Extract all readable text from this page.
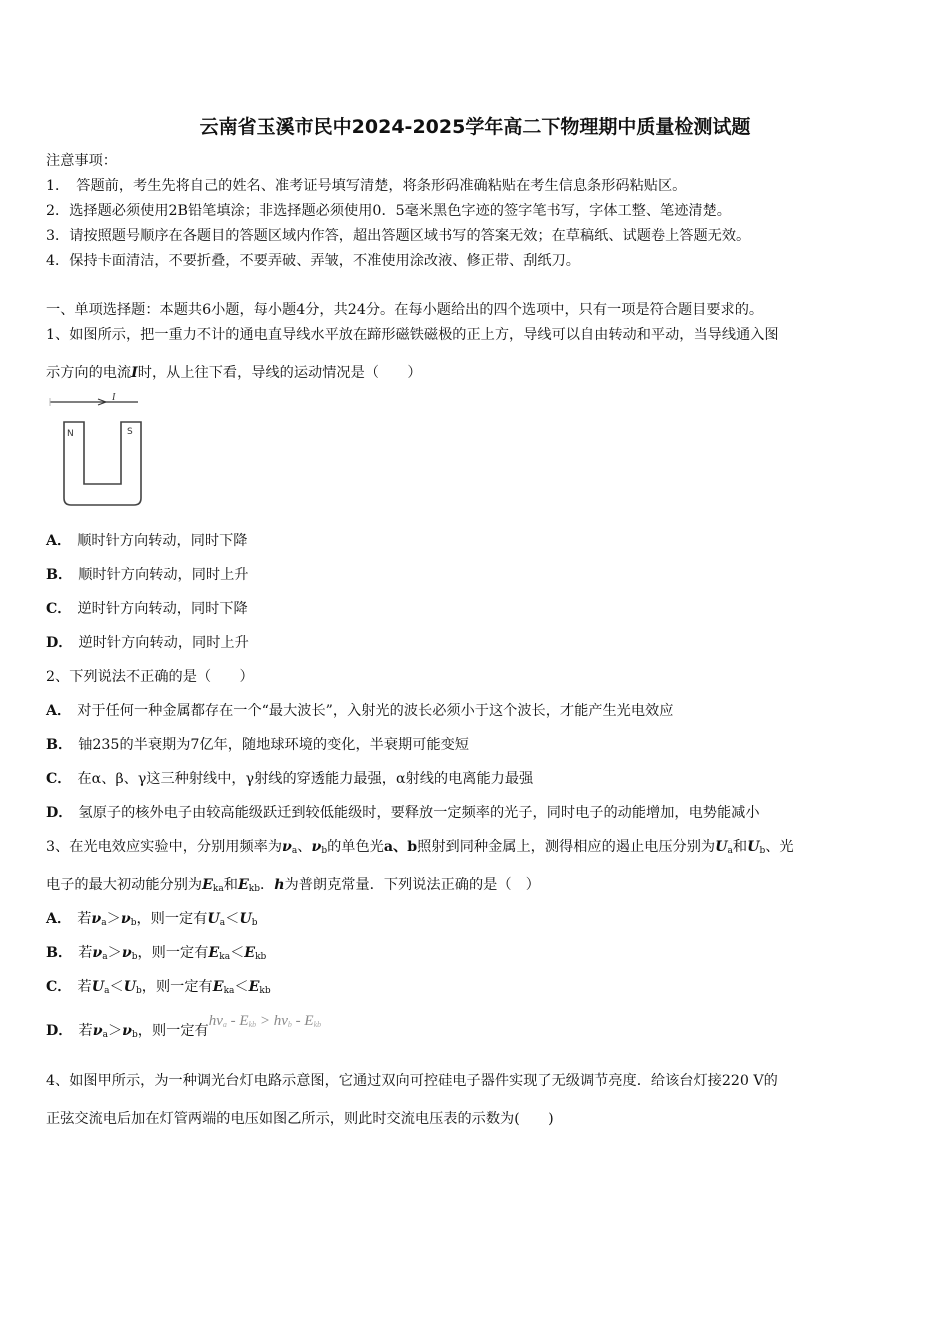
云南省玉溪市民中2024-2025学年高二下物理期中质量检测试题
注意事项：
1．　答题前，考生先将自己的姓名、准考证号填写清楚，将条形码准确粘贴在考生信息条形码粘贴区。
2．选择题必须使用2B铅笔填涂；非选择题必须使用0．5毫米黑色字迹的签字笔书写，字体工整、笔迹清楚。
3．请按照题号顺序在各题目的答题区域内作答，超出答题区域书写的答案无效；在草稿纸、试题卷上答题无效。
4．保持卡面清洁，不要折叠，不要弄破、弄皱，不准使用涂改液、修正带、刮纸刀。
一、单项选择题：本题共6小题，每小题4分，共24分。在每小题给出的四个选项中，只有一项是符合题目要求的。
1、如图所示，把一重力不计的通电直导线水平放在蹄形磁铁磁极的正上方，导线可以自由转动和平动，当导线通入图
示方向的电流I时，从上往下看，导线的运动情况是（　　）
I
N	S
A． 顺时针方向转动，同时下降
B． 顺时针方向转动，同时上升
C． 逆时针方向转动，同时下降
D． 逆时针方向转动，同时上升
2、下列说法不正确的是（　　）
A． 对于任何一种金属都存在一个“最大波长”，入射光的波长必须小于这个波长，才能产生光电效应
B． 铀235的半衰期为7亿年，随地球环境的变化，半衰期可能变短
C． 在α、β、γ这三种射线中，γ射线的穿透能力最强，α射线的电离能力最强
D． 氢原子的核外电子由较高能级跃迁到较低能级时，要释放一定频率的光子，同时电子的动能增加，电势能减小
3、在光电效应实验中，分别用频率为$\nu_a$、$\nu_b$的单色光a、b照射到同种金属上，测得相应的遏止电压分别为$U_a$和$U_b$、光
电子的最大初动能分别为$E_{ka}$和$E_{kb}$．h为普朗克常量．下列说法正确的是（　）
A． 若$\nu_a>\nu_b$，则一定有$U_a<U_b$
B． 若$\nu_a>\nu_b$，则一定有$E_{ka}<E_{kb}$
C． 若$U_a<U_b$，则一定有$E_{ka}<E_{kb}$
D． 若$\nu_a>\nu_b$，则一定有$h\nu_a - E_{kb} > h\nu_b - E_{kb}$
4、如图甲所示，为一种调光台灯电路示意图，它通过双向可控硅电子器件实现了无级调节亮度．给该台灯接220 V的
正弦交流电后加在灯管两端的电压如图乙所示，则此时交流电压表的示数为(　　)
